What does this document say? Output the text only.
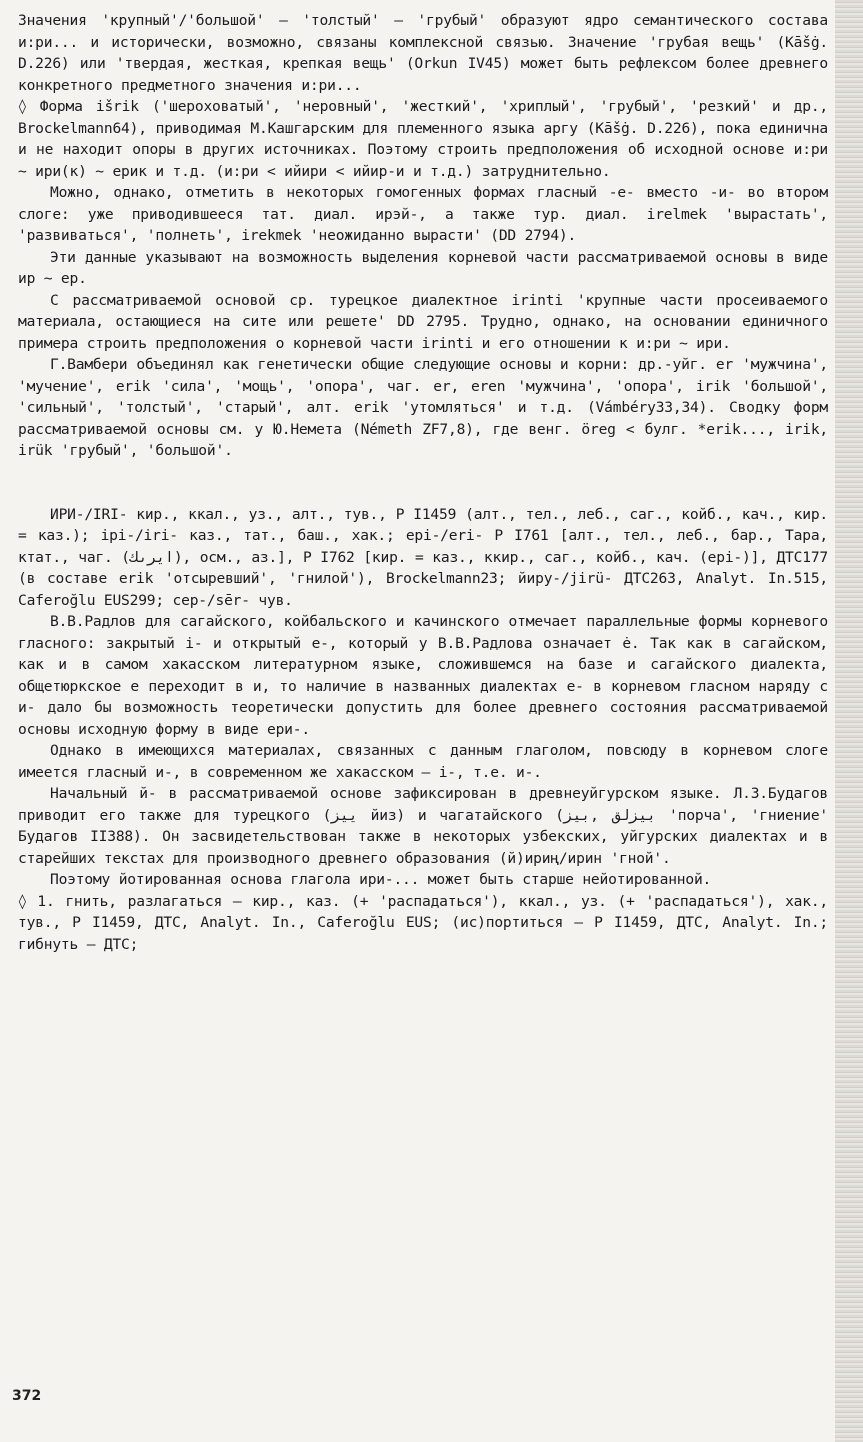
Значения 'крупный'/'большой' – 'толстый' – 'грубый' образуют ядро семантического состава и:ри... и исторически, возможно, связаны комплексной связью. Значение 'грубая вещь' (Kāšġ. D.226) или 'твердая, жесткая, крепкая вещь' (Orkun IV45) может быть рефлексом более древнего конкретного предметного значения и:ри...

◊ Форма išrik ('шероховатый', 'неровный', 'жесткий', 'хриплый', 'грубый', 'резкий' и др., Brockelmann64), приводимая М.Кашгарским для племенного языка аргу (Kāšġ. D.226), пока единична и не находит опоры в других источниках. Поэтому строить предположения об исходной основе и:ри ~ ири(к) ~ ерик и т.д. (и:ри < ийири < ийир-и и т.д.) затруднительно.

Можно, однако, отметить в некоторых гомогенных формах гласный -е- вместо -и- во втором слоге: уже приводившееся тат. диал. ирэй-, а также тур. диал. irelmek 'вырастать', 'развиваться', 'полнеть', irekmek 'неожиданно вырасти' (DD 2794).

Эти данные указывают на возможность выделения корневой части рассматриваемой основы в виде ир ~ ер.

С рассматриваемой основой ср. турецкое диалектное irinti 'крупные части просеиваемого материала, остающиеся на сите или решете' DD 2795. Трудно, однако, на основании единичного примера строить предположения о корневой части irinti и его отношении к и:ри ~ ири.

Г.Вамбери объединял как генетически общие следующие основы и корни: др.-уйг. er 'мужчина', 'мучение', erik 'сила', 'мощь', 'опора', чаг. er, eren 'мужчина', 'опора', irik 'большой', 'сильный', 'толстый', 'старый', алт. erik 'утомляться' и т.д. (Vámbéry33,34). Сводку форм рассматриваемой основы см. у Ю.Немета (Németh ZF7,8), где венг. öreg < булг. *erik..., irik, irük 'грубый', 'большой'.

ИРИ-/IRI- кир., ккал., уз., алт., тув., Р I1459 (алт., тел., леб., саг., койб., кач., кир. = каз.); ірі-/iri- каз., тат., баш., хак.; ері-/eri- Р I761 [алт., тел., леб., бар., Тара, ктат., чаг. (ايرىك), осм., аз.], Р I762 [кир. = каз., ккир., саг., койб., кач. (ері-)], ДТС177 (в составе erik 'отсыревший', 'гнилой'), Brockelmann23; йиру-/jirü- ДТС263, Analyt. In.515, Caferoğlu EUS299; сер-/sēr- чув.

В.В.Радлов для сагайского, койбальского и качинского отмечает параллельные формы корневого гласного: закрытый і- и открытый е-, который у В.В.Радлова означает ė. Так как в сагайском, как и в самом хакасском литературном языке, сложившемся на базе и сагайского диалекта, общетюркское е переходит в и, то наличие в названных диалектах е- в корневом гласном наряду с и- дало бы возможность теоретически допустить для более древнего состояния рассматриваемой основы исходную форму в виде ери-.

Однако в имеющихся материалах, связанных с данным глаголом, повсюду в корневом слоге имеется гласный и-, в современном же хакасском – і-, т.е. и-.

Начальный й- в рассматриваемой основе зафиксирован в древнеуйгурском языке. Л.З.Будагов приводит его также для турецкого (ييز йиз) и чагатайского (بيزلق ,بيز 'порча', 'гниение' Будагов II388). Он засвидетельствован также в некоторых узбекских, уйгурских диалектах и в старейших текстах для производного древнего образования (й)ириң/ирин 'гной'.

Поэтому йотированная основа глагола ири-... может быть старше нейотированной.

◊ 1. гнить, разлагаться – кир., каз. (+ 'распадаться'), ккал., уз. (+ 'распадаться'), хак., тув., Р I1459, ДТС, Analyt. In., Caferoğlu EUS; (ис)портиться – Р I1459, ДТС, Analyt. In.; гибнуть – ДТС;

372
